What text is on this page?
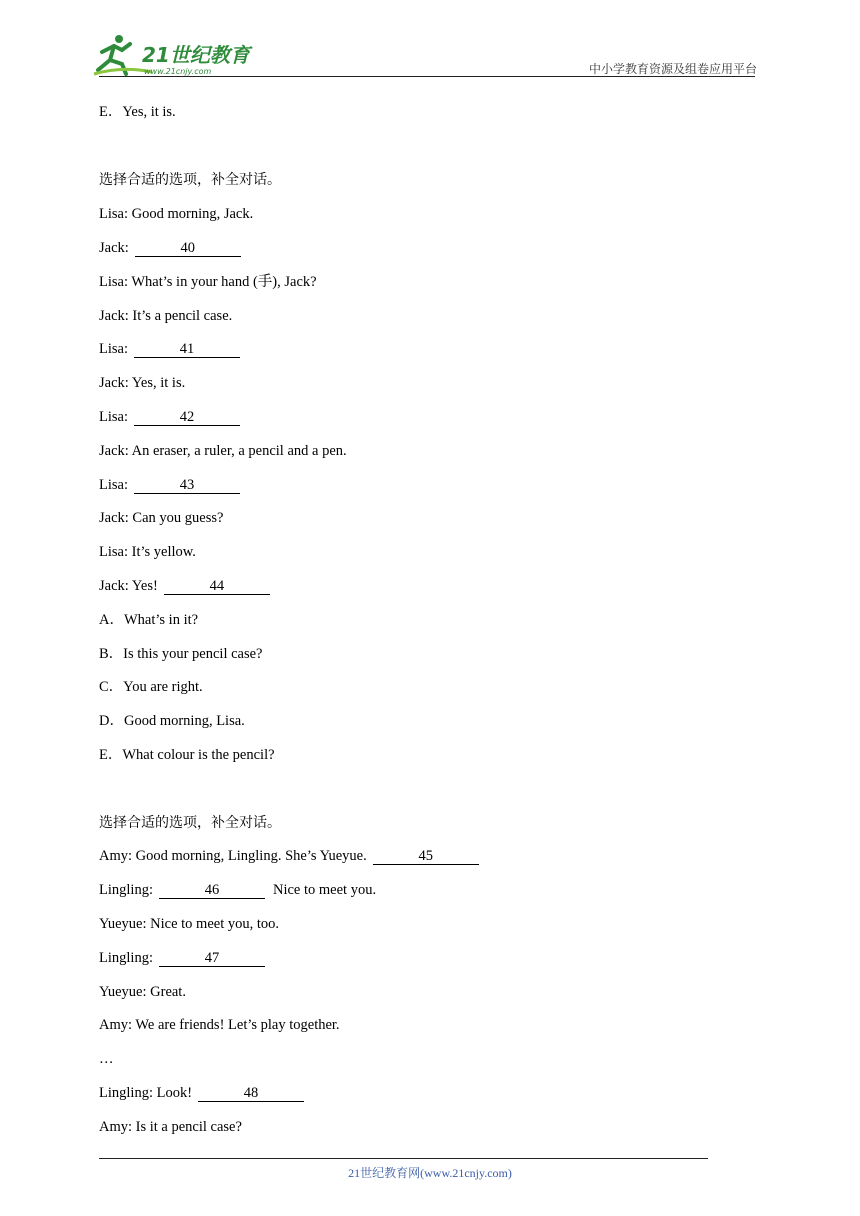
21世纪教育
www.21cnjy.com	中小学教育资源及组卷应用平台
E．Yes, it is.
选择合适的选项，补全对话。
Lisa: Good morning, Jack.
Jack:	40
Lisa: What’s in your hand (手), Jack?
Jack: It’s a pencil case.
Lisa:	41
Jack: Yes, it is.
Lisa:	42
Jack: An eraser, a ruler, a pencil and a pen.
Lisa:	43
Jack: Can you guess?
Lisa: It’s yellow.
Jack: Yes!	44
A．What’s in it?
B．Is this your pencil case?
C．You are right.
D．Good morning, Lisa.
E．What colour is the pencil?
选择合适的选项，补全对话。
Amy: Good morning, Lingling. She’s Yueyue.	45
Lingling:	46	Nice to meet you.
Yueyue: Nice to meet you, too.
Lingling:	47
Yueyue: Great.
Amy: We are friends! Let’s play together.
…
Lingling: Look!	48
Amy: Is it a pencil case?
21世纪教育网(www.21cnjy.com)
